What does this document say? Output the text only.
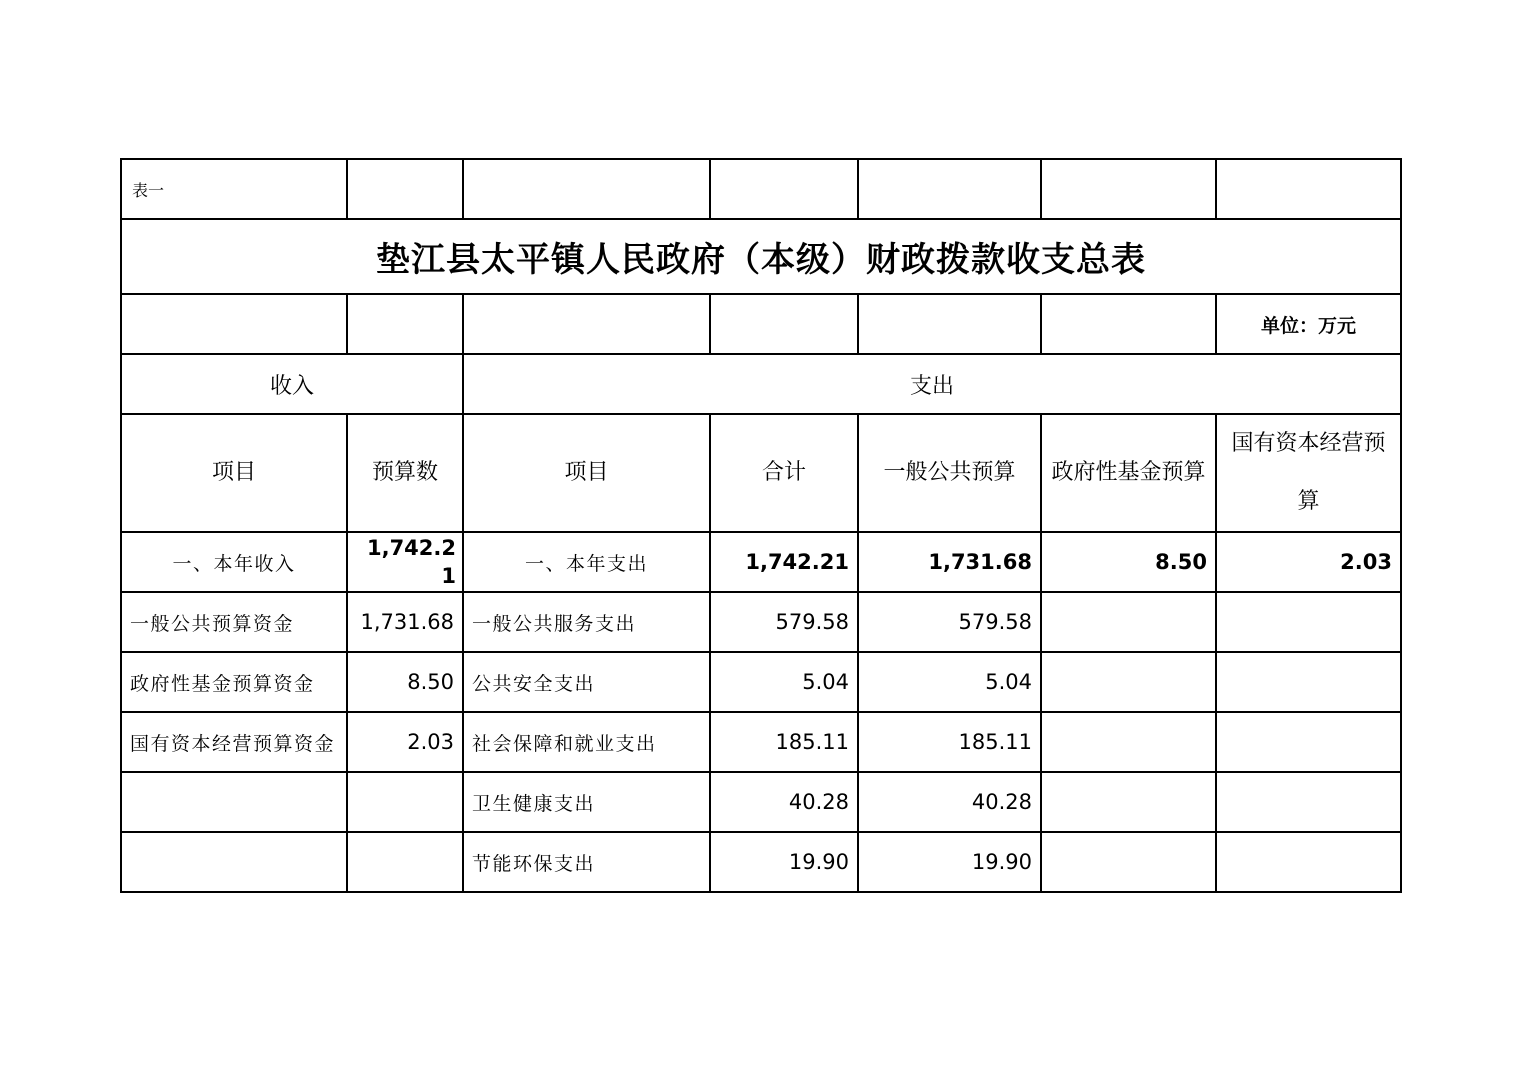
表一						
垫江县太平镇人民政府（本级）财政拨款收支总表						
						单位：万元
收入		支出				
项目	预算数	项目	合计	一般公共预算	政府性基金预算	国有资本经营预算
一、本年收入	1,742.21	一、本年支出	1,742.21	1,731.68	8.50	2.03
一般公共预算资金	1,731.68	一般公共服务支出	579.58	579.58		
政府性基金预算资金	8.50	公共安全支出	5.04	5.04		
国有资本经营预算资金	2.03	社会保障和就业支出	185.11	185.11		
		卫生健康支出	40.28	40.28		
		节能环保支出	19.90	19.90		
